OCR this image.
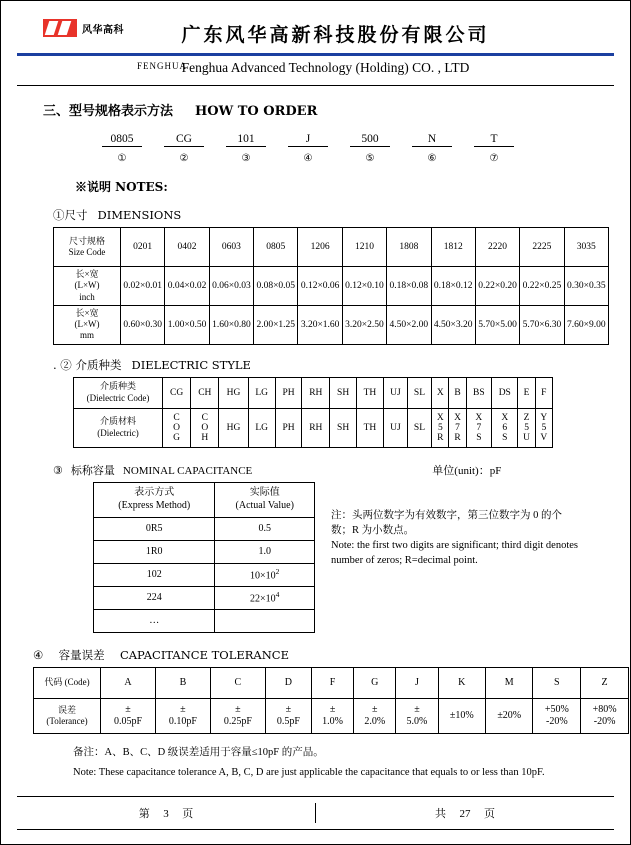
风华高科	广东风华高新科技股份有限公司
FENGHUA
Fenghua Advanced Technology (Holding) CO. , LTD
三、型号规格表示方法 HOW TO ORDER
0805	CG	101	J	500	N	T
①	②	③	④	⑤	⑥	⑦
※说明 NOTES:
①尺寸 DIMENSIONS
尺寸规格
Size Code	0201	0402	0603	0805	1206	1210	1808	1812	2220	2225	3035
长×宽
(L×W)
inch	0.02×0.01	0.04×0.02	0.06×0.03	0.08×0.05	0.12×0.06	0.12×0.10	0.18×0.08	0.18×0.12	0.22×0.20	0.22×0.25	0.30×0.35
长×宽
(L×W)
mm	0.60×0.30	1.00×0.50	1.60×0.80	2.00×1.25	3.20×1.60	3.20×2.50	4.50×2.00	4.50×3.20	5.70×5.00	5.70×6.30	7.60×9.00
. ② 介质种类 DIELECTRIC STYLE
介质种类
(Dielectric Code)	CG	CH	HG	LG	PH	RH	SH	TH	UJ	SL	X	B	BS	DS	E	F
介质材料
(Dielectric)	C
O
G	C
O
H	HG	LG	PH	RH	SH	TH	UJ	SL	X
5
R	X
7
R	X
7
S	X
6
S	Z
5
U	Y
5
V
③ 标称容量 NOMINAL CAPACITANCE	单位(unit)：pF
表示方式
(Express Method)	实际值
(Actual Value)
0R5	0.5
1R0	1.0
102	$10\times 10^2$
224	$22\times 10^4$
…	
注：头两位数字为有效数字，第三位数字为 0 的个数；R 为小数点。
Note: the first two digits are significant; third digit denotes number of zeros; R=decimal point.
④ 容量误差 CAPACITANCE TOLERANCE
代码 (Code)	A	B	C	D	F	G	J	K	M	S	Z
误差
(Tolerance)	±
0.05pF	±
0.10pF	±
0.25pF	±
0.5pF	±
1.0%	±
2.0%	±
5.0%	±10%	±20%	+50%
-20%	+80%
-20%
备注：A、B、C、D 级误差适用于容量≤10pF 的产品。
Note: These capacitance tolerance A, B, C, D are just applicable the capacitance that equals to or less than 10pF.
第 3 页	共 27 页
